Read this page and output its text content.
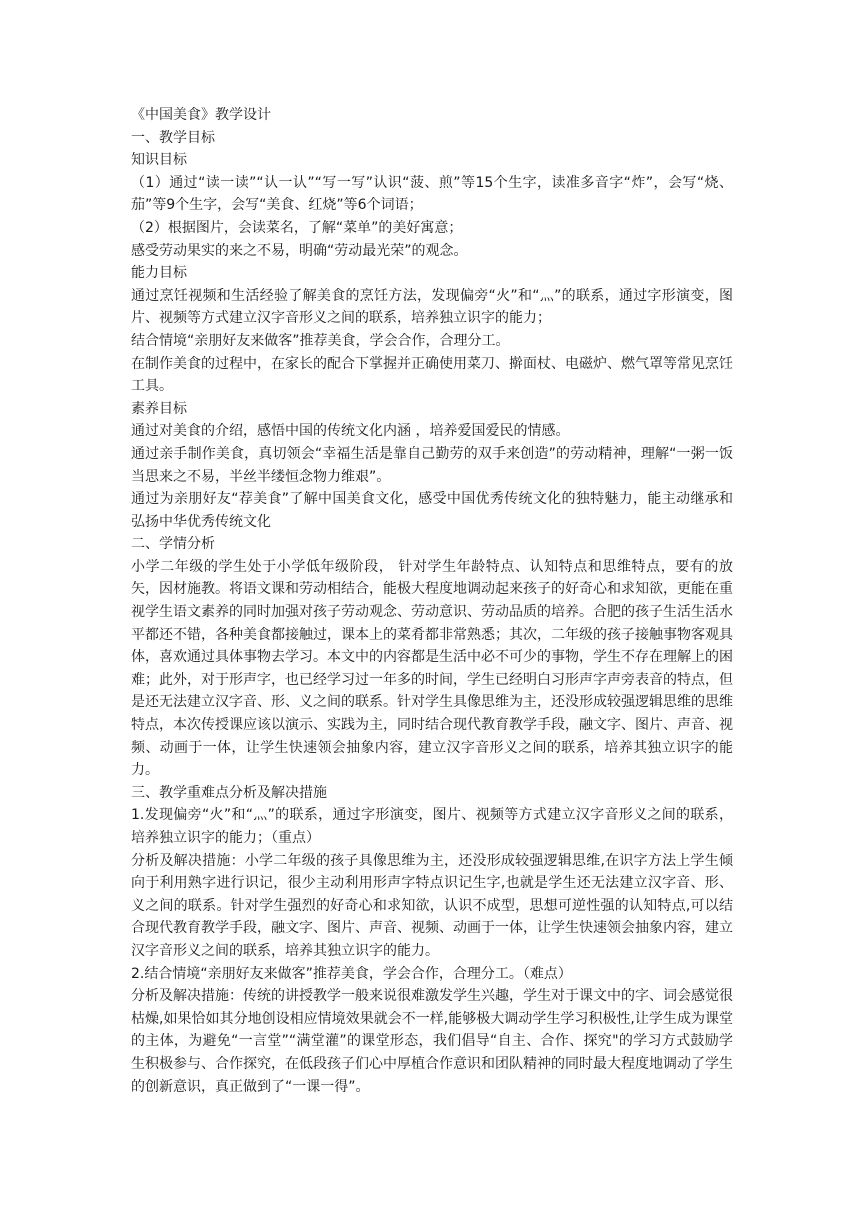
《中国美食》教学设计
一、教学目标
知识目标
（1）通过“读一读”“认一认”“写一写”认识“菠、煎”等15个生字，读准多音字“炸”，会写“烧、茄”等9个生字，会写“美食、红烧”等6个词语；
（2）根据图片，会读菜名，了解“菜单”的美好寓意；
感受劳动果实的来之不易，明确“劳动最光荣”的观念。
能力目标
通过烹饪视频和生活经验了解美食的烹饪方法，发现偏旁“火”和“灬”的联系，通过字形演变，图片、视频等方式建立汉字音形义之间的联系，培养独立识字的能力；
结合情境“亲朋好友来做客”推荐美食，学会合作，合理分工。
在制作美食的过程中，在家长的配合下掌握并正确使用菜刀、擀面杖、电磁炉、燃气罩等常见烹饪工具。
素养目标
通过对美食的介绍，感悟中国的传统文化内涵 ，培养爱国爱民的情感。
通过亲手制作美食，真切领会“幸福生活是靠自己勤劳的双手来创造”的劳动精神，理解“一粥一饭当思来之不易，半丝半缕恒念物力维艰”。
通过为亲朋好友“荐美食”了解中国美食文化，感受中国优秀传统文化的独特魅力，能主动继承和弘扬中华优秀传统文化
二、学情分析
小学二年级的学生处于小学低年级阶段， 针对学生年龄特点、认知特点和思维特点，要有的放矢，因材施教。将语文课和劳动相结合，能极大程度地调动起来孩子的好奇心和求知欲，更能在重视学生语文素养的同时加强对孩子劳动观念、劳动意识、劳动品质的培养。合肥的孩子生活生活水平都还不错，各种美食都接触过，课本上的菜肴都非常熟悉；其次，二年级的孩子接触事物客观具体，喜欢通过具体事物去学习。本文中的内容都是生活中必不可少的事物，学生不存在理解上的困难；此外，对于形声字，也已经学习过一年多的时间，学生已经明白习形声字声旁表音的特点，但是还无法建立汉字音、形、义之间的联系。针对学生具像思维为主，还没形成较强逻辑思维的思维特点，本次传授课应该以演示、实践为主，同时结合现代教育教学手段，融文字、图片、声音、视频、动画于一体，让学生快速领会抽象内容，建立汉字音形义之间的联系，培养其独立识字的能力。
三、教学重难点分析及解决措施
1.发现偏旁“火”和“灬”的联系，通过字形演变，图片、视频等方式建立汉字音形义之间的联系，培养独立识字的能力；（重点）
分析及解决措施：小学二年级的孩子具像思维为主，还没形成较强逻辑思维,在识字方法上学生倾向于利用熟字进行识记，很少主动利用形声字特点识记生字,也就是学生还无法建立汉字音、形、义之间的联系。针对学生强烈的好奇心和求知欲，认识不成型，思想可逆性强的认知特点,可以结合现代教育教学手段，融文字、图片、声音、视频、动画于一体，让学生快速领会抽象内容，建立汉字音形义之间的联系，培养其独立识字的能力。
2.结合情境“亲朋好友来做客”推荐美食，学会合作，合理分工。（难点）
分析及解决措施：传统的讲授教学一般来说很难激发学生兴趣，学生对于课文中的字、词会感觉很枯燥,如果恰如其分地创设相应情境效果就会不一样,能够极大调动学生学习积极性,让学生成为课堂的主体，为避免“一言堂”“满堂灌”的课堂形态，我们倡导“自主、合作、探究"的学习方式鼓励学生积极参与、合作探究，在低段孩子们心中厚植合作意识和团队精神的同时最大程度地调动了学生的创新意识，真正做到了“一课一得”。
